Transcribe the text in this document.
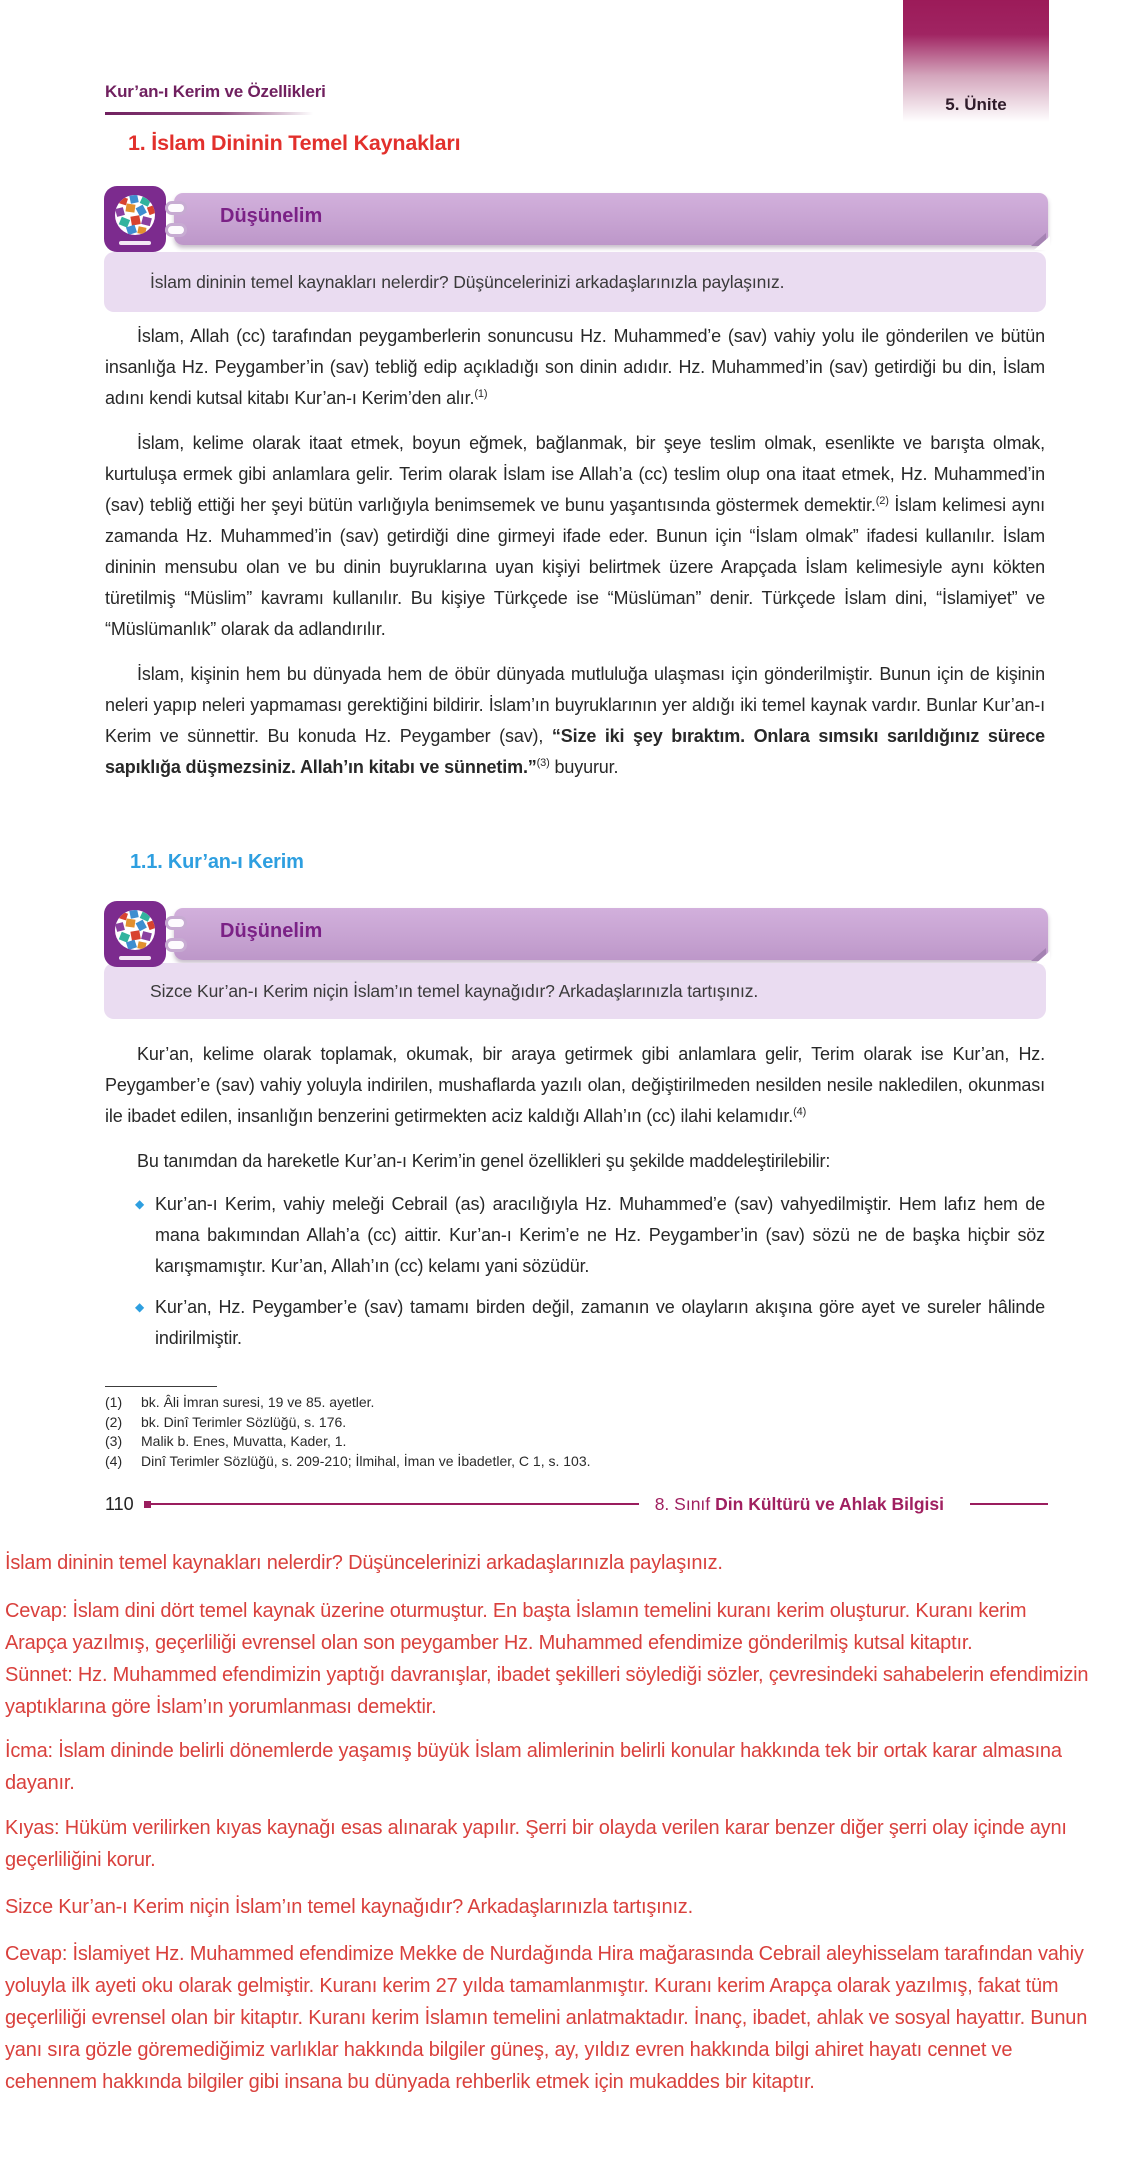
5. Ünite
Kur’an-ı Kerim ve Özellikleri
1. İslam Dininin Temel Kaynakları
Düşünelim
İslam dininin temel kaynakları nelerdir? Düşüncelerinizi arkadaşlarınızla paylaşınız.

İslam, Allah (cc) tarafından peygamberlerin sonuncusu Hz. Muhammed’e (sav) vahiy yolu ile gönderilen ve bütün insanlığa Hz. Peygamber’in (sav) tebliğ edip açıkladığı son dinin adıdır. Hz. Muhammed’in (sav) getirdiği bu din, İslam adını kendi kutsal kitabı Kur’an-ı Kerim’den alır.$^{(1)}$

İslam, kelime olarak itaat etmek, boyun eğmek, bağlanmak, bir şeye teslim olmak, esenlikte ve barışta olmak, kurtuluşa ermek gibi anlamlara gelir. Terim olarak İslam ise Allah’a (cc) teslim olup ona itaat etmek, Hz. Muhammed’in (sav) tebliğ ettiği her şeyi bütün varlığıyla benimsemek ve bunu yaşantısında göstermek demektir.$^{(2)}$ İslam kelimesi aynı zamanda Hz. Muhammed’in (sav) getirdiği dine girmeyi ifade eder. Bunun için “İslam olmak” ifadesi kullanılır. İslam dininin mensubu olan ve bu dinin buyruklarına uyan kişiyi belirtmek üzere Arapçada İslam kelimesiyle aynı kökten türetilmiş “Müslim” kavramı kullanılır. Bu kişiye Türkçede ise “Müslüman” denir. Türkçede İslam dini, “İslamiyet” ve “Müslümanlık” olarak da adlandırılır.

İslam, kişinin hem bu dünyada hem de öbür dünyada mutluluğa ulaşması için gönderilmiştir. Bunun için de kişinin neleri yapıp neleri yapmaması gerektiğini bildirir. İslam’ın buyruklarının yer aldığı iki temel kaynak vardır. Bunlar Kur’an-ı Kerim ve sünnettir. Bu konuda Hz. Peygamber (sav), “Size iki şey bıraktım. Onlara sımsıkı sarıldığınız sürece sapıklığa düşmezsiniz. Allah’ın kitabı ve sünnetim.”$^{(3)}$ buyurur.

1.1. Kur’an-ı Kerim
Düşünelim
Sizce Kur’an-ı Kerim niçin İslam’ın temel kaynağıdır? Arkadaşlarınızla tartışınız.

Kur’an, kelime olarak toplamak, okumak, bir araya getirmek gibi anlamlara gelir, Terim olarak ise Kur’an, Hz. Peygamber’e (sav) vahiy yoluyla indirilen, mushaflarda yazılı olan, değiştirilmeden nesilden nesile nakledilen, okunması ile ibadet edilen, insanlığın benzerini getirmekten aciz kaldığı Allah’ın (cc) ilahi kelamıdır.$^{(4)}$

Bu tanımdan da hareketle Kur’an-ı Kerim’in genel özellikleri şu şekilde maddeleştirilebilir:

◆ Kur’an-ı Kerim, vahiy meleği Cebrail (as) aracılığıyla Hz. Muhammed’e (sav) vahyedilmiştir. Hem lafız hem de mana bakımından Allah’a (cc) aittir. Kur’an-ı Kerim’e ne Hz. Peygamber’in (sav) sözü ne de başka hiçbir söz karışmamıştır. Kur’an, Allah’ın (cc) kelamı yani sözüdür.
◆ Kur’an, Hz. Peygamber’e (sav) tamamı birden değil, zamanın ve olayların akışına göre ayet ve sureler hâlinde indirilmiştir.
(1)	bk. Âli İmran suresi, 19 ve 85. ayetler.
(2)	bk. Dinî Terimler Sözlüğü, s. 176.
(3)	Malik b. Enes, Muvatta, Kader, 1.
(4)	Dinî Terimler Sözlüğü, s. 209-210; İlmihal, İman ve İbadetler, C 1, s. 103.
110	8. Sınıf Din Kültürü ve Ahlak Bilgisi

İslam dininin temel kaynakları nelerdir? Düşüncelerinizi arkadaşlarınızla paylaşınız.

Cevap: İslam dini dört temel kaynak üzerine oturmuştur. En başta İslamın temelini kuranı kerim oluşturur. Kuranı kerim Arapça yazılmış, geçerliliği evrensel olan son peygamber Hz. Muhammed efendimize gönderilmiş kutsal kitaptır.

Sünnet: Hz. Muhammed efendimizin yaptığı davranışlar, ibadet şekilleri söylediği sözler, çevresindeki sahabelerin efendimizin yaptıklarına göre İslam’ın yorumlanması demektir.

İcma: İslam dininde belirli dönemlerde yaşamış büyük İslam alimlerinin belirli konular hakkında tek bir ortak karar almasına dayanır.

Kıyas: Hüküm verilirken kıyas kaynağı esas alınarak yapılır. Şerri bir olayda verilen karar benzer diğer şerri olay içinde aynı geçerliliğini korur.

Sizce Kur’an-ı Kerim niçin İslam’ın temel kaynağıdır? Arkadaşlarınızla tartışınız.

Cevap: İslamiyet Hz. Muhammed efendimize Mekke de Nurdağında Hira mağarasında Cebrail aleyhisselam tarafından vahiy yoluyla ilk ayeti oku olarak gelmiştir. Kuranı kerim 27 yılda tamamlanmıştır. Kuranı kerim Arapça olarak yazılmış, fakat tüm geçerliliği evrensel olan bir kitaptır. Kuranı kerim İslamın temelini anlatmaktadır. İnanç, ibadet, ahlak ve sosyal hayattır. Bunun yanı sıra gözle göremediğimiz varlıklar hakkında bilgiler güneş, ay, yıldız evren hakkında bilgi ahiret hayatı cennet ve cehennem hakkında bilgiler gibi insana bu dünyada rehberlik etmek için mukaddes bir kitaptır.
